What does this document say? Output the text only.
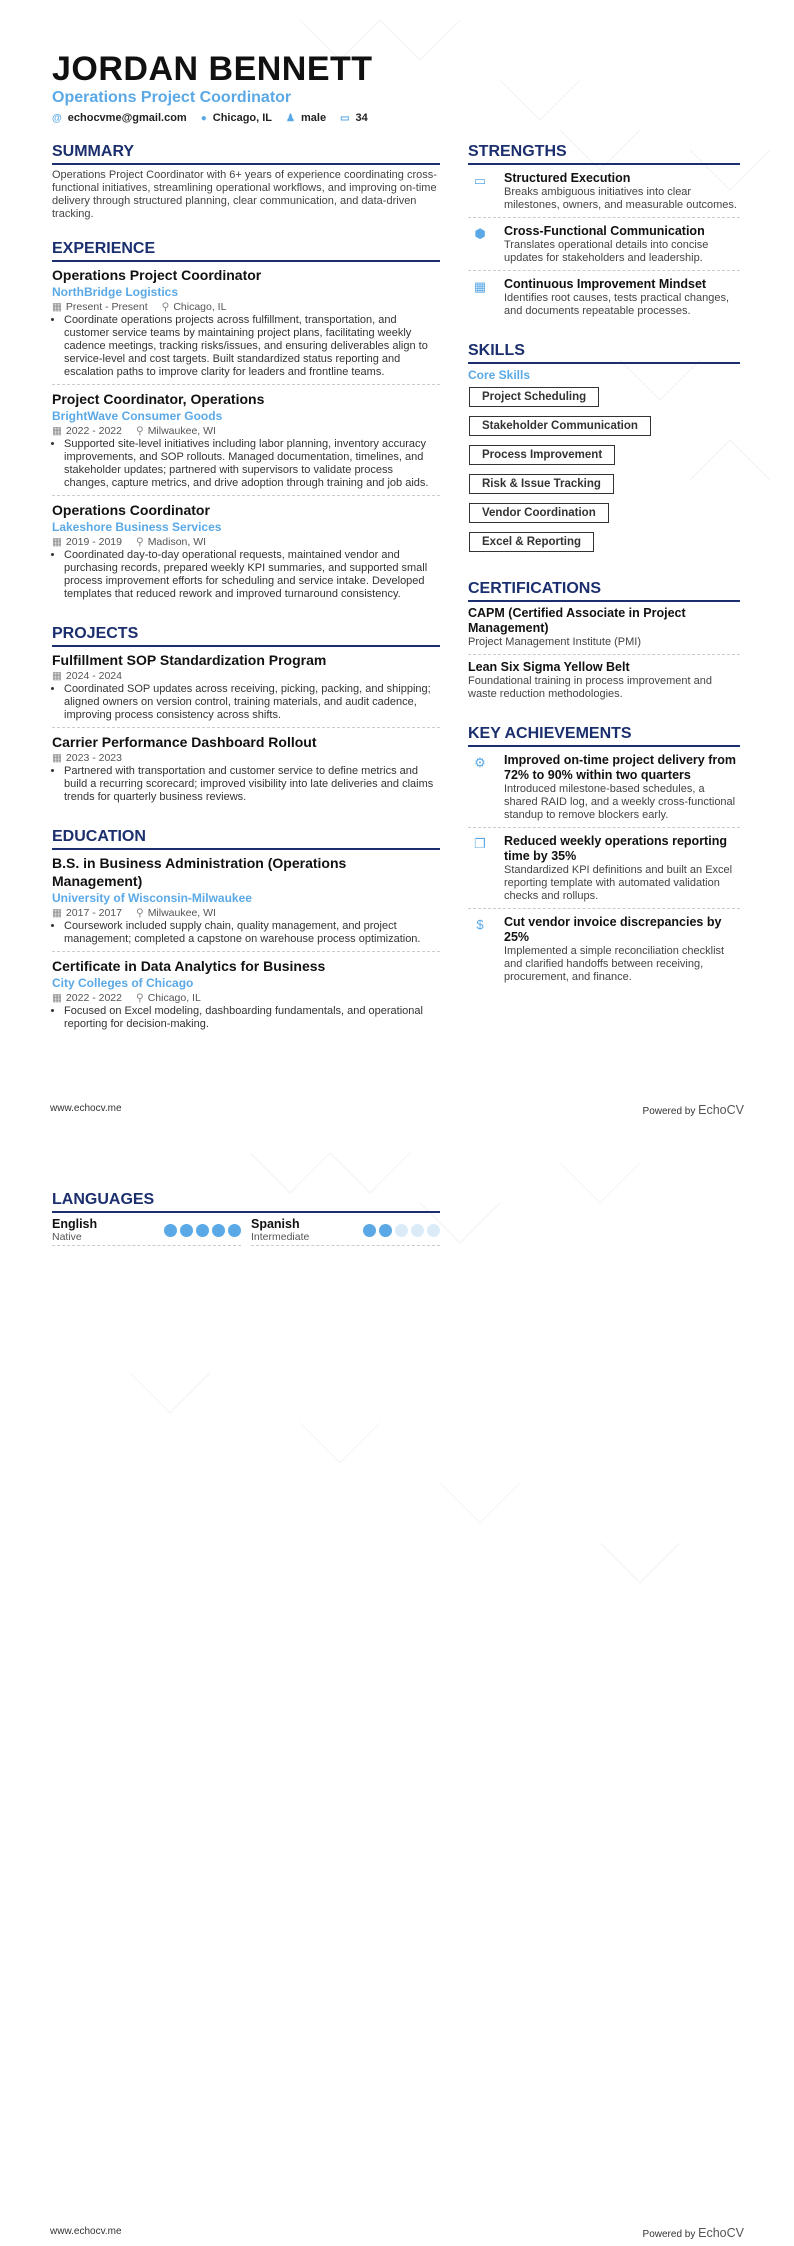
JORDAN BENNETT
Operations Project Coordinator
@ echocvme@gmail.com ● Chicago, IL ♟ male ▭ 34
SUMMARY

Operations Project Coordinator with 6+ years of experience coordinating cross-functional initiatives, streamlining operational workflows, and improving on-time delivery through structured planning, clear communication, and data-driven tracking.

EXPERIENCE
Operations Project Coordinator
NorthBridge Logistics
▦ Present - Present ⚲ Chicago, IL
• Coordinate operations projects across fulfillment, transportation, and customer service teams by maintaining project plans, facilitating weekly cadence meetings, tracking risks/issues, and ensuring deliverables align to service-level and cost targets. Built standardized status reporting and escalation paths to improve clarity for leaders and frontline teams.
Project Coordinator, Operations
BrightWave Consumer Goods
▦ 2022 - 2022 ⚲ Milwaukee, WI
• Supported site-level initiatives including labor planning, inventory accuracy improvements, and SOP rollouts. Managed documentation, timelines, and stakeholder updates; partnered with supervisors to validate process changes, capture metrics, and drive adoption through training and job aids.
Operations Coordinator
Lakeshore Business Services
▦ 2019 - 2019 ⚲ Madison, WI
• Coordinated day-to-day operational requests, maintained vendor and purchasing records, prepared weekly KPI summaries, and supported small process improvement efforts for scheduling and service intake. Developed templates that reduced rework and improved turnaround consistency.
PROJECTS
Fulfillment SOP Standardization Program
▦ 2024 - 2024
• Coordinated SOP updates across receiving, picking, packing, and shipping; aligned owners on version control, training materials, and audit cadence, improving process consistency across shifts.
Carrier Performance Dashboard Rollout
▦ 2023 - 2023
• Partnered with transportation and customer service to define metrics and build a recurring scorecard; improved visibility into late deliveries and claims trends for quarterly business reviews.
EDUCATION
B.S. in Business Administration (Operations Management)
University of Wisconsin-Milwaukee
▦ 2017 - 2017 ⚲ Milwaukee, WI
• Coursework included supply chain, quality management, and project management; completed a capstone on warehouse process optimization.
Certificate in Data Analytics for Business
City Colleges of Chicago
▦ 2022 - 2022 ⚲ Chicago, IL
• Focused on Excel modeling, dashboarding fundamentals, and operational reporting for decision-making.
STRENGTHS
▭	Structured Execution
Breaks ambiguous initiatives into clear milestones, owners, and measurable outcomes.
⬢	Cross-Functional Communication
Translates operational details into concise updates for stakeholders and leadership.
▦	Continuous Improvement Mindset
Identifies root causes, tests practical changes, and documents repeatable processes.
SKILLS
Core Skills
Project Scheduling
Stakeholder Communication
Process Improvement
Risk & Issue Tracking
Vendor Coordination
Excel & Reporting
CERTIFICATIONS
CAPM (Certified Associate in Project Management)
Project Management Institute (PMI)
Lean Six Sigma Yellow Belt
Foundational training in process improvement and waste reduction methodologies.
KEY ACHIEVEMENTS
⚙	Improved on-time project delivery from 72% to 90% within two quarters
Introduced milestone-based schedules, a shared RAID log, and a weekly cross-functional standup to remove blockers early.
❐	Reduced weekly operations reporting time by 35%
Standardized KPI definitions and built an Excel reporting template with automated validation checks and rollups.
$	Cut vendor invoice discrepancies by 25%
Implemented a simple reconciliation checklist and clarified handoffs between receiving, procurement, and finance.
www.echocv.me	Powered by EchoCV
LANGUAGES
English
Native
Spanish
Intermediate
www.echocv.me	Powered by EchoCV
